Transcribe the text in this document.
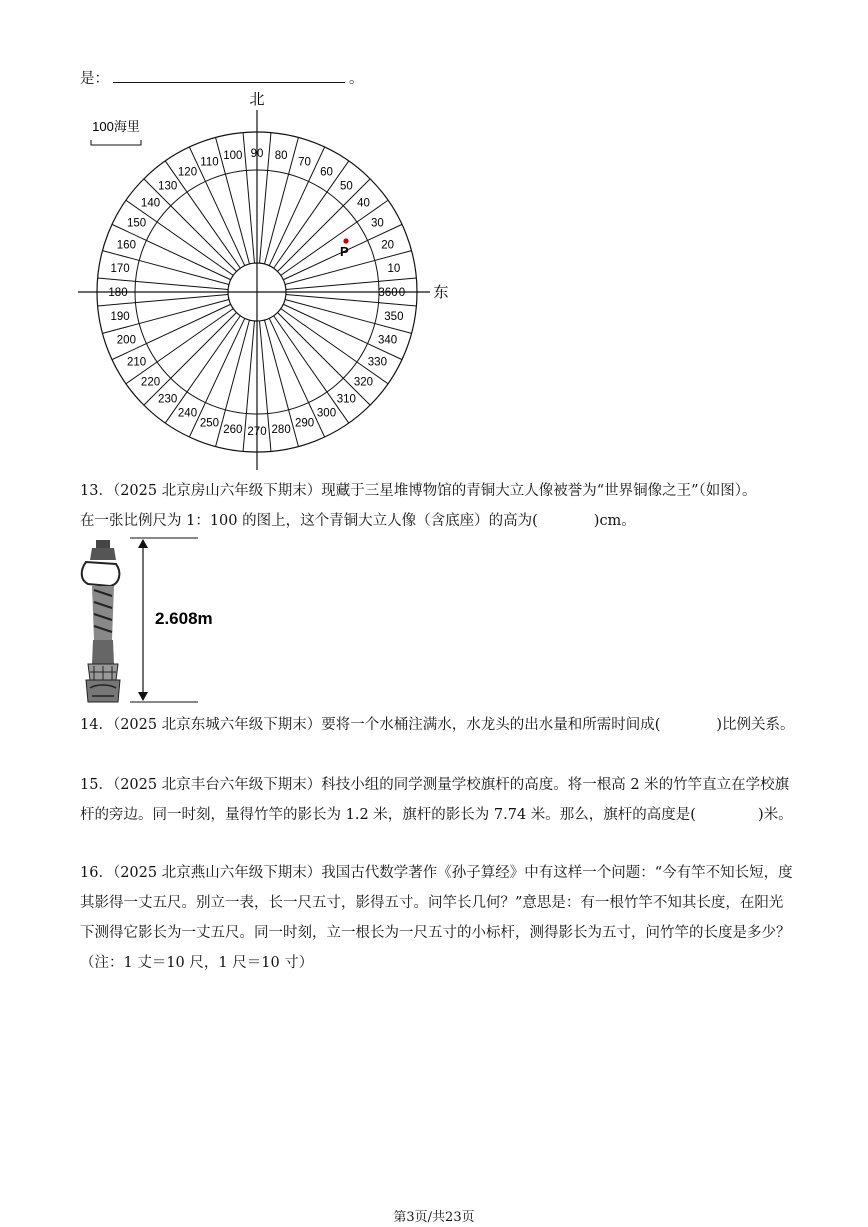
是：	。
360
10
20
30
40
50
60
70
80
90
100
110
120
130
140
150
160
170
180
190
200
210
220
230
240
250
260 270 280
290
300
310
320
330
340
350
0
北
东
100海里
P
13．（2025 北京房山六年级下期末）现藏于三星堆博物馆的青铜大立人像被誉为“世界铜像之王”（如图）。
在一张比例尺为 1：100 的图上，这个青铜大立人像（含底座）的高为(	)cm。
2.608m
14．（2025 北京东城六年级下期末）要将一个水桶注满水，水龙头的出水量和所需时间成(	)比例关系。
15．（2025 北京丰台六年级下期末）科技小组的同学测量学校旗杆的高度。将一根高 2 米的竹竿直立在学校旗杆的旁边。同一时刻，量得竹竿的影长为 1.2 米，旗杆的影长为 7.74 米。那么，旗杆的高度是(	)米。
16．（2025 北京燕山六年级下期末）我国古代数学著作《孙子算经》中有这样一个问题：“今有竿不知长短，度其影得一丈五尺。别立一表，长一尺五寸，影得五寸。问竿长几何？”意思是：有一根竹竿不知其长度，在阳光下测得它影长为一丈五尺。同一时刻，立一根长为一尺五寸的小标杆，测得影长为五寸，问竹竿的长度是多少？（注：1 丈＝10 尺，1 尺＝10 寸）
第3页/共23页
